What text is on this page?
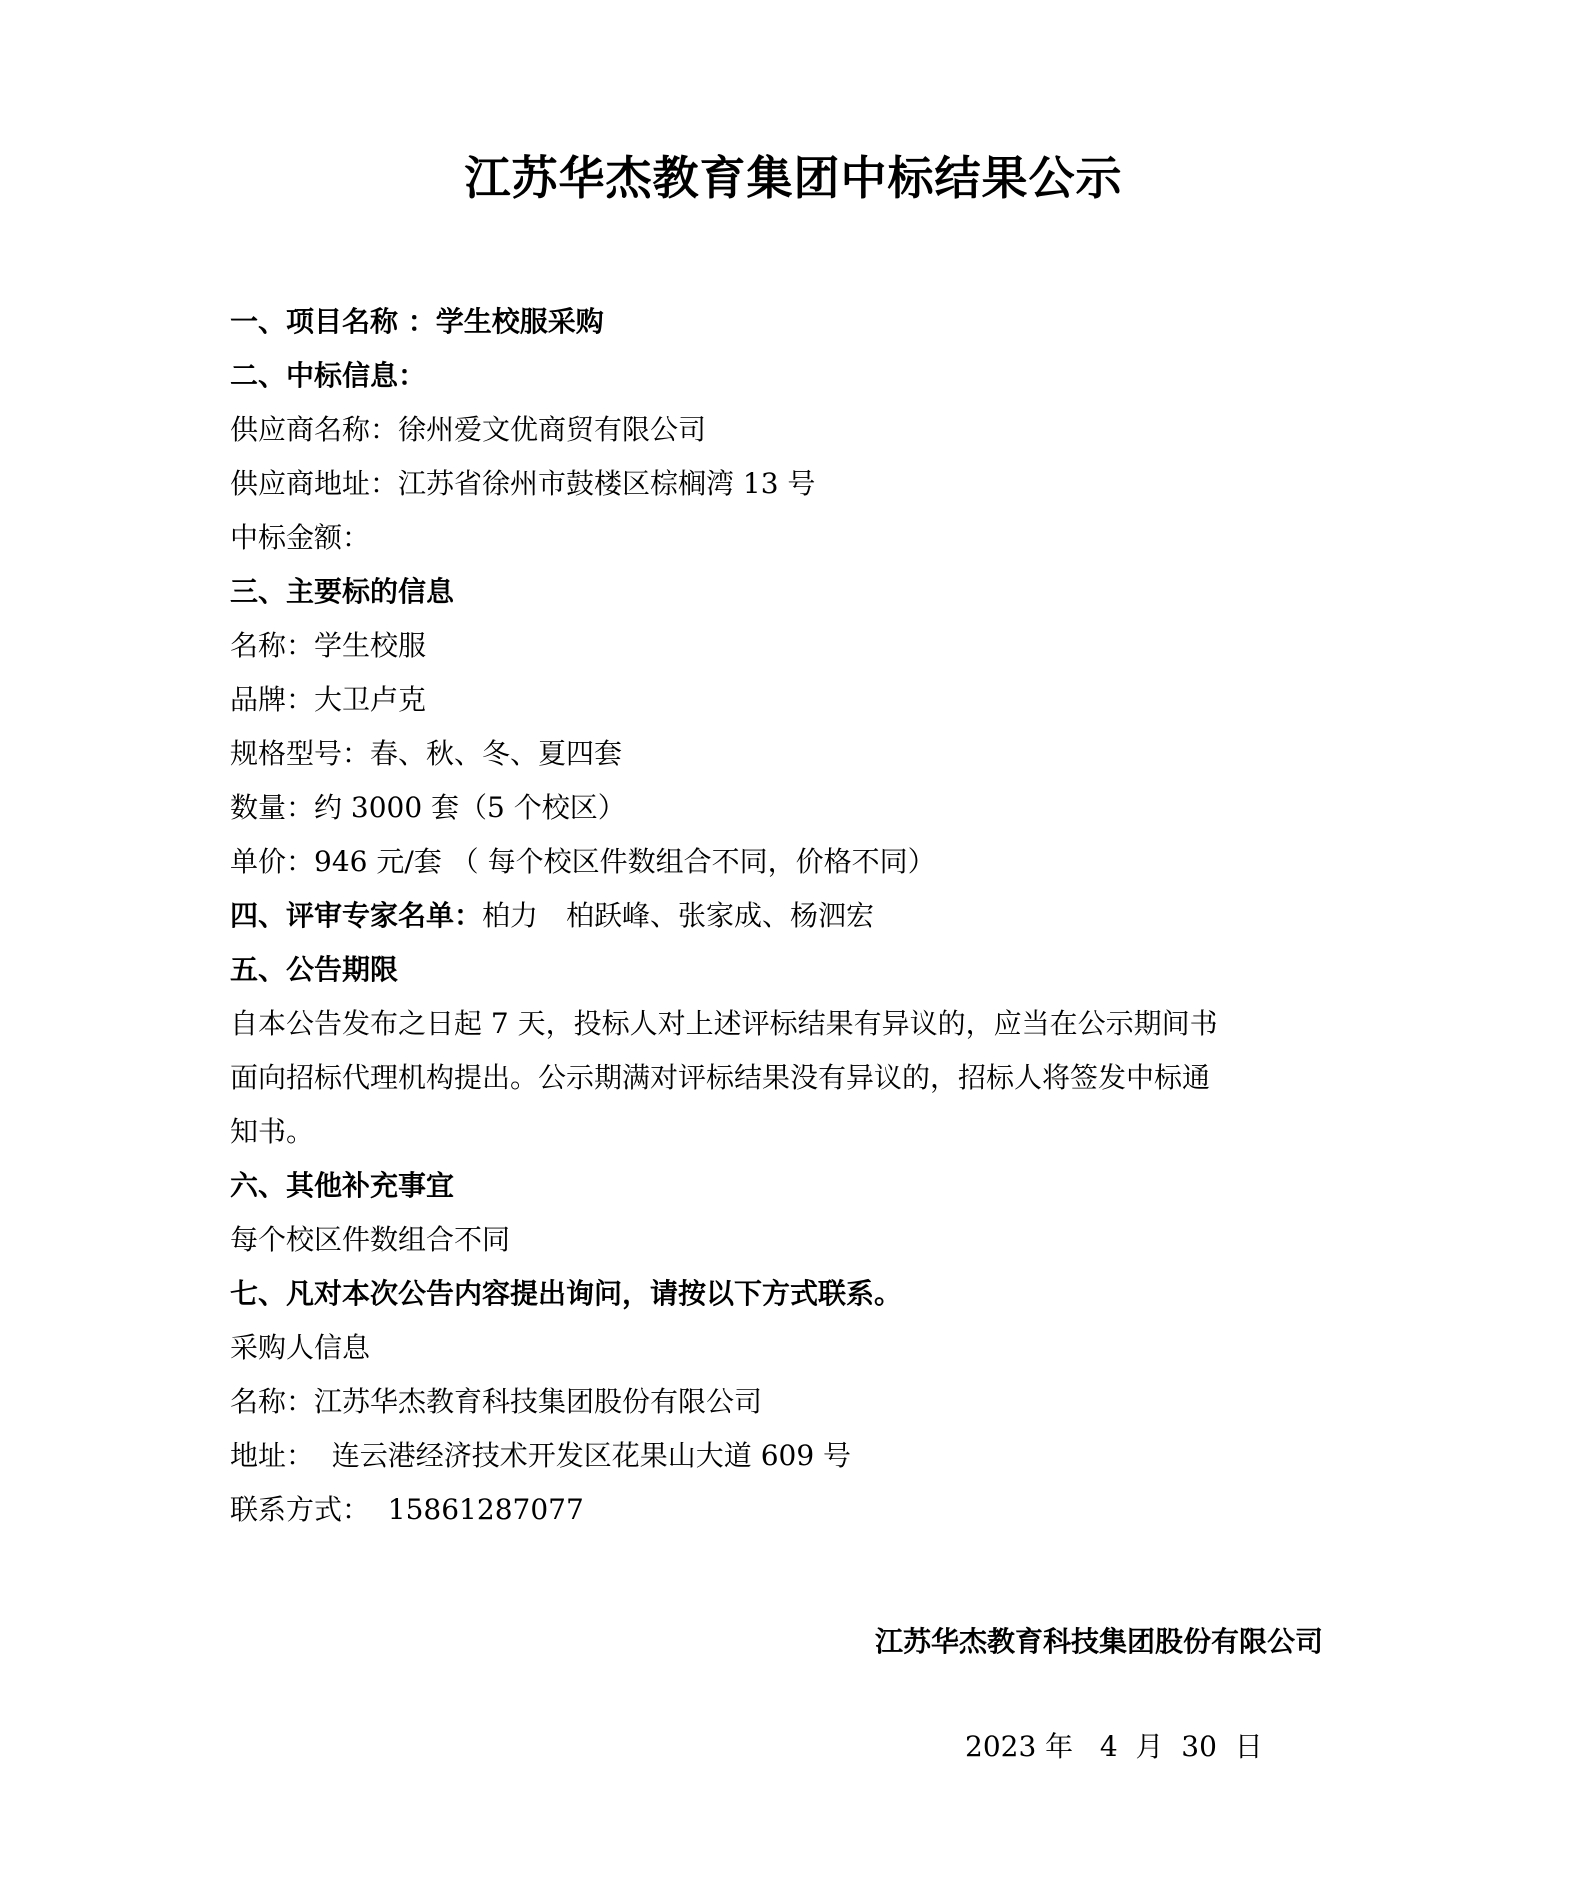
江苏华杰教育集团中标结果公示
一、项目名称 ：学生校服采购
二、中标信息：
供应商名称：徐州爱文优商贸有限公司
供应商地址：江苏省徐州市鼓楼区棕榈湾 13 号
中标金额：
三、主要标的信息
名称：学生校服
品牌：大卫卢克
规格型号：春、秋、冬、夏四套
数量：约 3000 套（5 个校区）
单价：946 元/套 （ 每个校区件数组合不同，价格不同）
四、评审专家名单：柏力　柏跃峰、张家成、杨泗宏
五、公告期限
自本公告发布之日起 7 天，投标人对上述评标结果有异议的，应当在公示期间书
面向招标代理机构提出。公示期满对评标结果没有异议的，招标人将签发中标通
知书。
六、其他补充事宜
每个校区件数组合不同
七、凡对本次公告内容提出询问，请按以下方式联系。
采购人信息
名称：江苏华杰教育科技集团股份有限公司
地址：  连云港经济技术开发区花果山大道 609 号
联系方式：  15861287077
江苏华杰教育科技集团股份有限公司
2023 年   4  月  30  日
